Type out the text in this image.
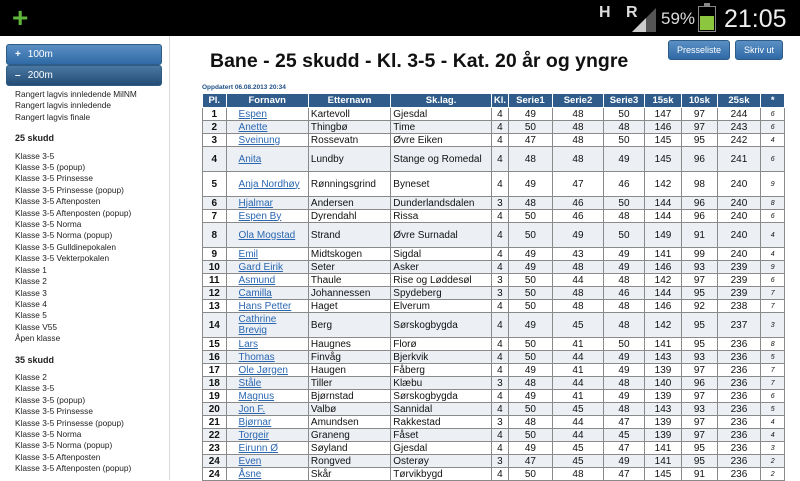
+	H R 59% 21:05
+ 100m
– 200m
Rangert lagvis innledende MilNM
Rangert lagvis innledende
Rangert lagvis finale
25 skudd
Klasse 3-5
Klasse 3-5 (popup)
Klasse 3-5 Prinsesse
Klasse 3-5 Prinsesse (popup)
Klasse 3-5 Aftenposten
Klasse 3-5 Aftenposten (popup)
Klasse 3-5 Norma
Klasse 3-5 Norma (popup)
Klasse 3-5 Gulldinepokalen
Klasse 3-5 Vekterpokalen
Klasse 1
Klasse 2
Klasse 3
Klasse 4
Klasse 5
Klasse V55
Åpen klasse
35 skudd
Klasse 2
Klasse 3-5
Klasse 3-5 (popup)
Klasse 3-5 Prinsesse
Klasse 3-5 Prinsesse (popup)
Klasse 3-5 Norma
Klasse 3-5 Norma (popup)
Klasse 3-5 Aftenposten
Klasse 3-5 Aftenposten (popup)
Presseliste	Skriv ut
Bane - 25 skudd - Kl. 3-5 - Kat. 20 år og yngre
Oppdatert 06.08.2013 20:34
Pl.	Fornavn	Etternavn	Sk.lag.	Kl.	Serie1	Serie2	Serie3	15sk	10sk	25sk	*
1	Espen	Kartevoll	Gjesdal	4	49	48	50	147	97	244	6
2	Anette	Thingbø	Time	4	50	48	48	146	97	243	6
3	Sveinung	Rossevatn	Øvre Eiken	4	47	48	50	145	95	242	4
4	Anita	Lundby	Stange og Romedal	4	48	48	49	145	96	241	6
5	Anja Nordhøy	Rønningsgrind	Byneset	4	49	47	46	142	98	240	9
6	Hjalmar	Andersen	Dunderlandsdalen	3	48	46	50	144	96	240	8
7	Espen By	Dyrendahl	Rissa	4	50	46	48	144	96	240	6
8	Ola Mogstad	Strand	Øvre Surnadal	4	50	49	50	149	91	240	4
9	Emil	Midtskogen	Sigdal	4	49	43	49	141	99	240	4
10	Gard Eirik	Seter	Asker	4	49	48	49	146	93	239	9
11	Asmund	Thaule	Rise og Løddesøl	3	50	44	48	142	97	239	6
12	Camilla	Johannessen	Spydeberg	3	50	48	46	144	95	239	7
13	Hans Petter	Haget	Elverum	4	50	48	48	146	92	238	7
14	Cathrine Brevig	Berg	Sørskogbygda	4	49	45	48	142	95	237	3
15	Lars	Haugnes	Florø	4	50	41	50	141	95	236	8
16	Thomas	Finvåg	Bjerkvik	4	50	44	49	143	93	236	5
17	Ole Jørgen	Haugen	Fåberg	4	49	41	49	139	97	236	7
18	Ståle	Tiller	Klæbu	3	48	44	48	140	96	236	7
19	Magnus	Bjørnstad	Sørskogbygda	4	49	41	49	139	97	236	6
20	Jon F.	Valbø	Sannidal	4	50	45	48	143	93	236	5
21	Bjørnar	Amundsen	Rakkestad	3	48	44	47	139	97	236	4
22	Torgeir	Graneng	Fåset	4	50	44	45	139	97	236	4
23	Eirunn Ø	Søyland	Gjesdal	4	49	45	47	141	95	236	3
24	Even	Rongved	Osterøy	3	47	45	49	141	95	236	2
24	Åsne	Skår	Tørvikbygd	4	50	48	47	145	91	236	2
